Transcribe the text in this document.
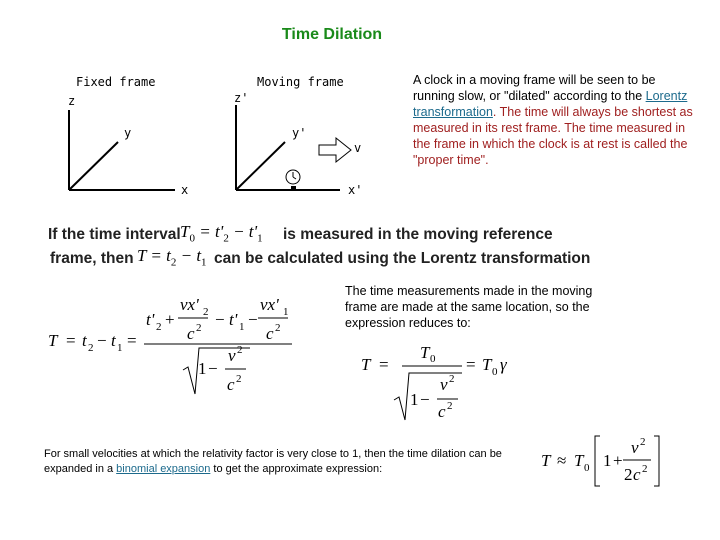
Time Dilation
Fixed frame	Moving frame
z
y
x
z'
y'
x'
v
A clock in a moving frame will be seen to be running slow, or "dilated" according to the Lorentz transformation. The time will always be shortest as measured in its rest frame. The time measured in the frame in which the clock is at rest is called the "proper time".
If the time interval $T_0 = t'_2 - t'_1$ is measured in the moving reference
frame, then $T = t_2 - t_1$ can be calculated using the Lorentz transformation
The time measurements made in the moving frame are made at the same location, so the expression reduces to:
T = t 2 − t 1 =
t' 2 +
vx' 2
c 2 − t' 1 −
vx' 1
c 2
1 −
v 2
c 2
T =
T 0
1 −
v 2
c 2
= T 0 γ
For small velocities at which the relativity factor is very close to 1, then the time dilation can be expanded in a binomial expansion to get the approximate expression:	T ≈ T 0 1 +
v 2
2 c 2
